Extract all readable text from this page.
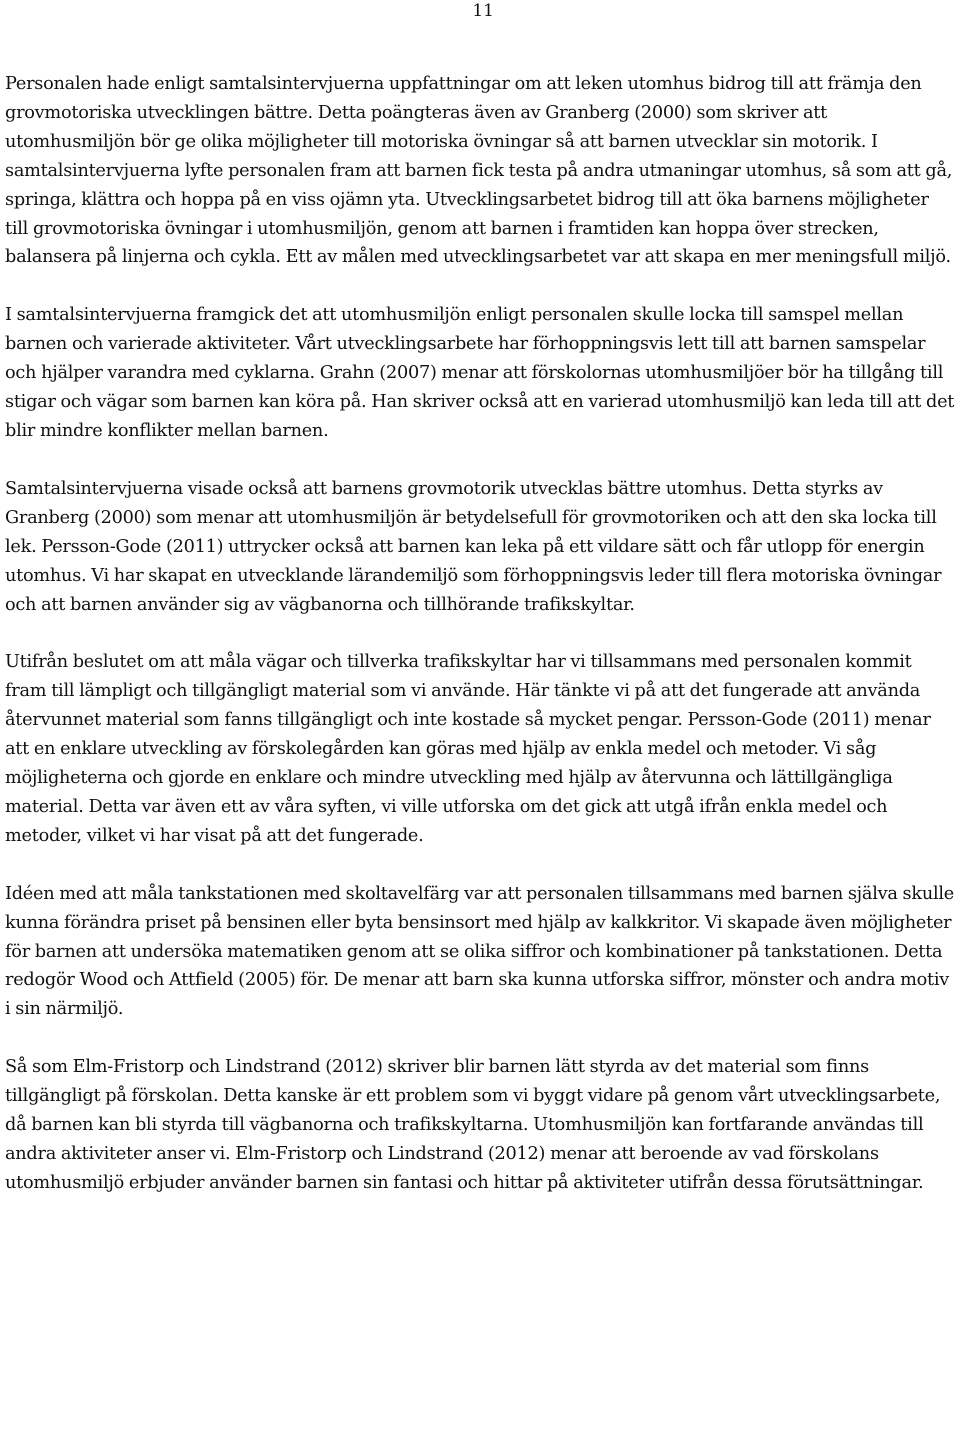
11

Personalen hade enligt samtalsintervjuerna uppfattningar om att leken utomhus bidrog till att främja den grovmotoriska utvecklingen bättre. Detta poängteras även av Granberg (2000) som skriver att utomhusmiljön bör ge olika möjligheter till motoriska övningar så att barnen utvecklar sin motorik. I samtalsintervjuerna lyfte personalen fram att barnen fick testa på andra utmaningar utomhus, så som att gå, springa, klättra och hoppa på en viss ojämn yta. Utvecklingsarbetet bidrog till att öka barnens möjligheter till grovmotoriska övningar i utomhusmiljön, genom att barnen i framtiden kan hoppa över strecken, balansera på linjerna och cykla. Ett av målen med utvecklingsarbetet var att skapa en mer meningsfull miljö.

I samtalsintervjuerna framgick det att utomhusmiljön enligt personalen skulle locka till samspel mellan barnen och varierade aktiviteter. Vårt utvecklingsarbete har förhoppningsvis lett till att barnen samspelar och hjälper varandra med cyklarna. Grahn (2007) menar att förskolornas utomhusmiljöer bör ha tillgång till stigar och vägar som barnen kan köra på. Han skriver också att en varierad utomhusmiljö kan leda till att det blir mindre konflikter mellan barnen.

Samtalsintervjuerna visade också att barnens grovmotorik utvecklas bättre utomhus. Detta styrks av Granberg (2000) som menar att utomhusmiljön är betydelsefull för grovmotoriken och att den ska locka till lek. Persson-Gode (2011) uttrycker också att barnen kan leka på ett vildare sätt och får utlopp för energin utomhus. Vi har skapat en utvecklande lärandemiljö som förhoppningsvis leder till flera motoriska övningar och att barnen använder sig av vägbanorna och tillhörande trafikskyltar.

Utifrån beslutet om att måla vägar och tillverka trafikskyltar har vi tillsammans med personalen kommit fram till lämpligt och tillgängligt material som vi använde. Här tänkte vi på att det fungerade att använda återvunnet material som fanns tillgängligt och inte kostade så mycket pengar. Persson-Gode (2011) menar att en enklare utveckling av förskolegården kan göras med hjälp av enkla medel och metoder. Vi såg möjligheterna och gjorde en enklare och mindre utveckling med hjälp av återvunna och lättillgängliga material. Detta var även ett av våra syften, vi ville utforska om det gick att utgå ifrån enkla medel och metoder, vilket vi har visat på att det fungerade.

Idéen med att måla tankstationen med skoltavelfärg var att personalen tillsammans med barnen själva skulle kunna förändra priset på bensinen eller byta bensinsort med hjälp av kalkkritor. Vi skapade även möjligheter för barnen att undersöka matematiken genom att se olika siffror och kombinationer på tankstationen. Detta redogör Wood och Attfield (2005) för. De menar att barn ska kunna utforska siffror, mönster och andra motiv i sin närmiljö.

Så som Elm-Fristorp och Lindstrand (2012) skriver blir barnen lätt styrda av det material som finns tillgängligt på förskolan. Detta kanske är ett problem som vi byggt vidare på genom vårt utvecklingsarbete, då barnen kan bli styrda till vägbanorna och trafikskyltarna. Utomhusmiljön kan fortfarande användas till andra aktiviteter anser vi. Elm-Fristorp och Lindstrand (2012) menar att beroende av vad förskolans utomhusmiljö erbjuder använder barnen sin fantasi och hittar på aktiviteter utifrån dessa förutsättningar.
